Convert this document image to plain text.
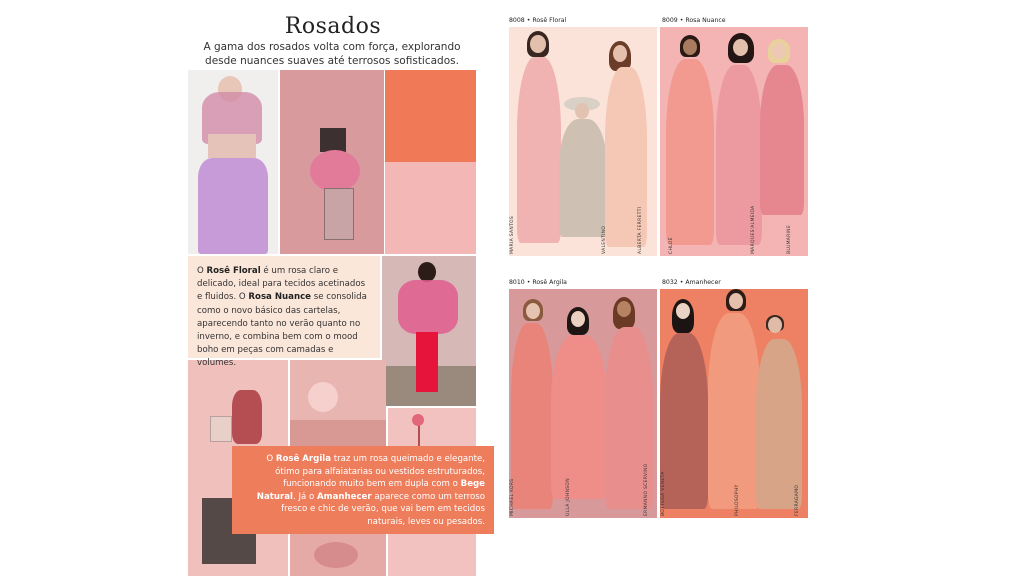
Rosados
A gama dos rosados volta com força, explorando desde nuances suaves até terrosos sofisticados.
O Rosê Floral é um rosa claro e delicado, ideal para tecidos acetinados e fluidos. O Rosa Nuance se consolida como o novo básico das cartelas, aparecendo tanto no verão quanto no inverno, e combina bem com o mood boho em peças com camadas e volumes.
O Rosê Argila traz um rosa queimado e elegante, ótimo para alfaiatarias ou vestidos estruturados, funcionando muito bem em dupla com o Bege Natural. Já o Amanhecer aparece como um terroso fresco e chic de verão, que vai bem em tecidos naturais, leves ou pesados.
8008 • Rosê Floral	8009 • Rosa Nuance
8010 • Rosê Argila	8032 • Amanhecer
MARIA SANTOS	VALENTINO	ALBERTA FERRETTI	CHLOÉ	MARQUES'ALMEIDA	BLUMARINE
MICHAEL KORS	ULLA JOHNSON	ERMANNO SCERVINO	BOTTEGA VENETA	PHILOSOPHY	FERRAGAMO
